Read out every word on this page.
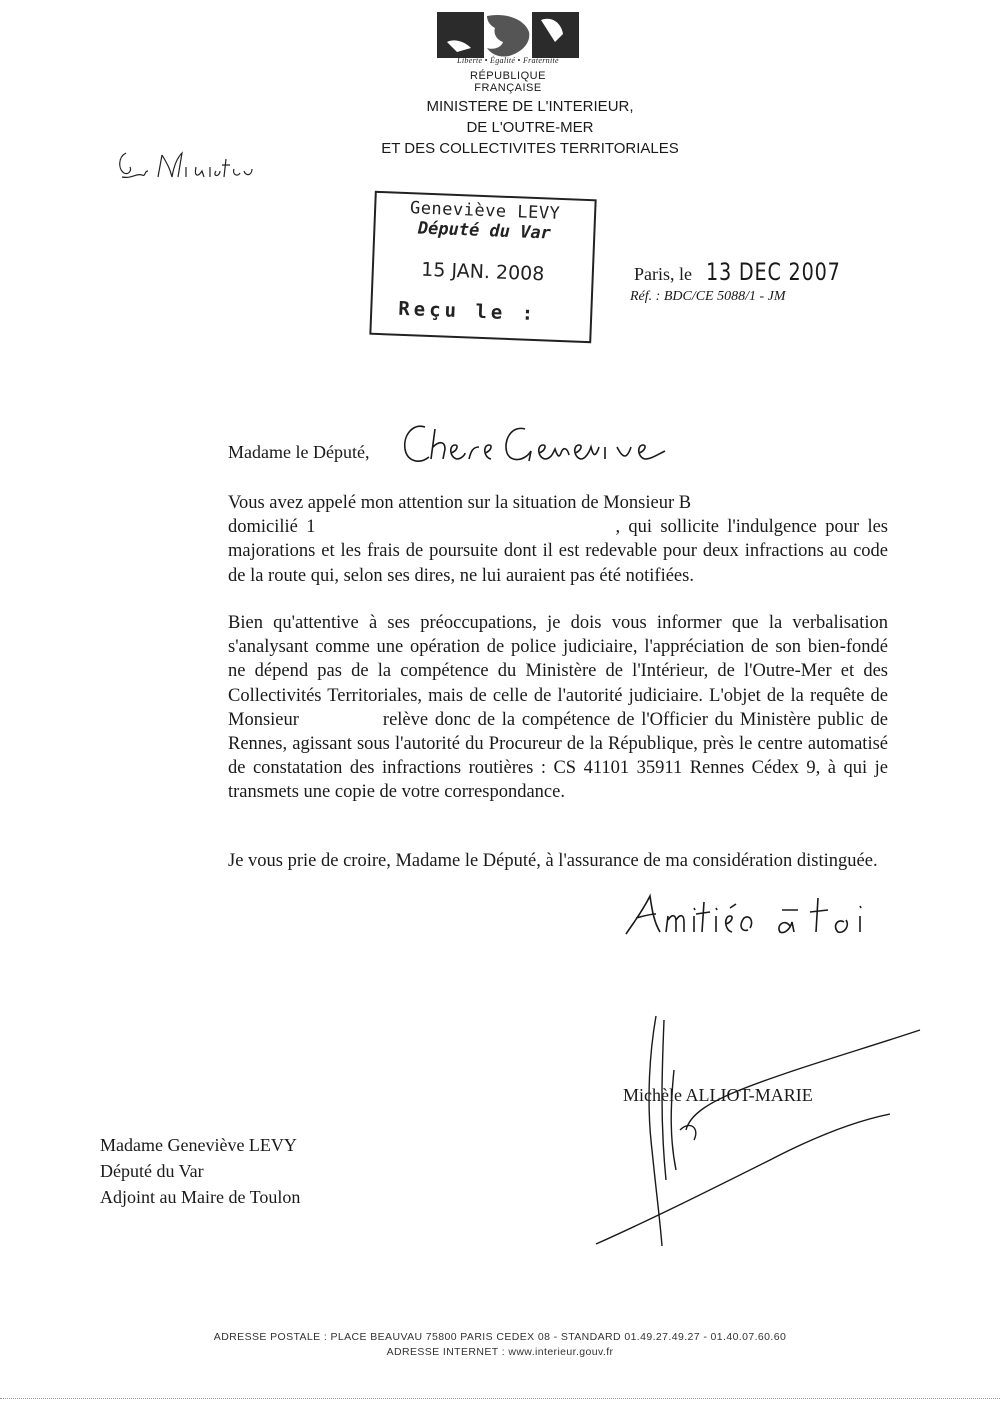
Liberté • Égalité • Fraternité
RÉPUBLIQUE FRANÇAISE
MINISTERE DE L'INTERIEUR,
DE L'OUTRE-MER
ET DES COLLECTIVITES TERRITORIALES
Geneviève LEVY
Député du Var
15 JAN. 2008
Reçu le :
Paris, le 13 DEC 2007
Réf. : BDC/CE 5088/1 - JM
Madame le Député,

Vous avez appelé mon attention sur la situation de Monsieur B
domicilié 1	, qui sollicite l'indulgence pour les majorations et les frais de poursuite dont il est redevable pour deux infractions au code de la route qui, selon ses dires, ne lui auraient pas été notifiées.

Bien qu'attentive à ses préoccupations, je dois vous informer que la verbalisation s'analysant comme une opération de police judiciaire, l'appréciation de son bien-fondé ne dépend pas de la compétence du Ministère de l'Intérieur, de l'Outre-Mer et des Collectivités Territoriales, mais de celle de l'autorité judiciaire. L'objet de la requête de Monsieur	relève donc de la compétence de l'Officier du Ministère public de Rennes, agissant sous l'autorité du Procureur de la République, près le centre automatisé de constatation des infractions routières : CS 41101 35911 Rennes Cédex 9, à qui je transmets une copie de votre correspondance.

Je vous prie de croire, Madame le Député, à l'assurance de ma considération distinguée.

Michèle ALLIOT-MARIE
Madame Geneviève LEVY
Député du Var
Adjoint au Maire de Toulon
ADRESSE POSTALE : PLACE BEAUVAU 75800 PARIS CEDEX 08 - STANDARD 01.49.27.49.27 - 01.40.07.60.60
ADRESSE INTERNET : www.interieur.gouv.fr
